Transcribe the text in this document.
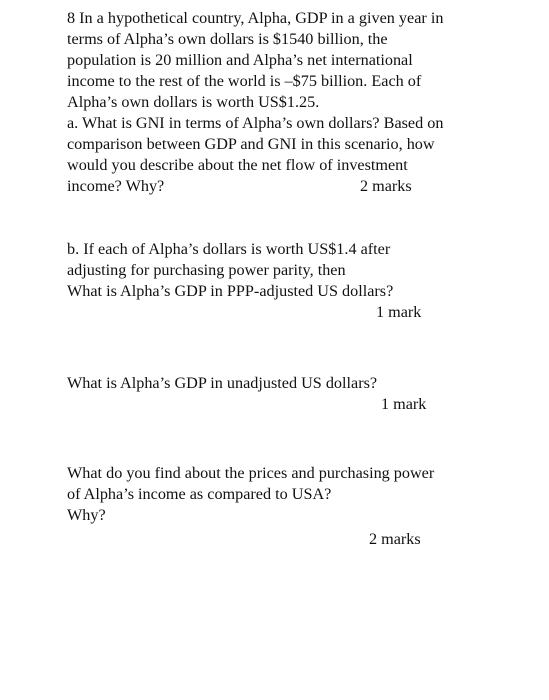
8 In a hypothetical country, Alpha, GDP in a given year in
terms of Alpha’s own dollars is $1540 billion, the
population is 20 million and Alpha’s net international
income to the rest of the world is –$75 billion. Each of
Alpha’s own dollars is worth US$1.25.
a. What is GNI in terms of Alpha’s own dollars? Based on
comparison between GDP and GNI in this scenario, how
would you describe about the net flow of investment
income? Why?	2 marks
b. If each of Alpha’s dollars is worth US$1.4 after
adjusting for purchasing power parity, then
What is Alpha’s GDP in PPP-adjusted US dollars?
1 mark
What is Alpha’s GDP in unadjusted US dollars?
1 mark
What do you find about the prices and purchasing power
of Alpha’s income as compared to USA?
Why?
2 marks
